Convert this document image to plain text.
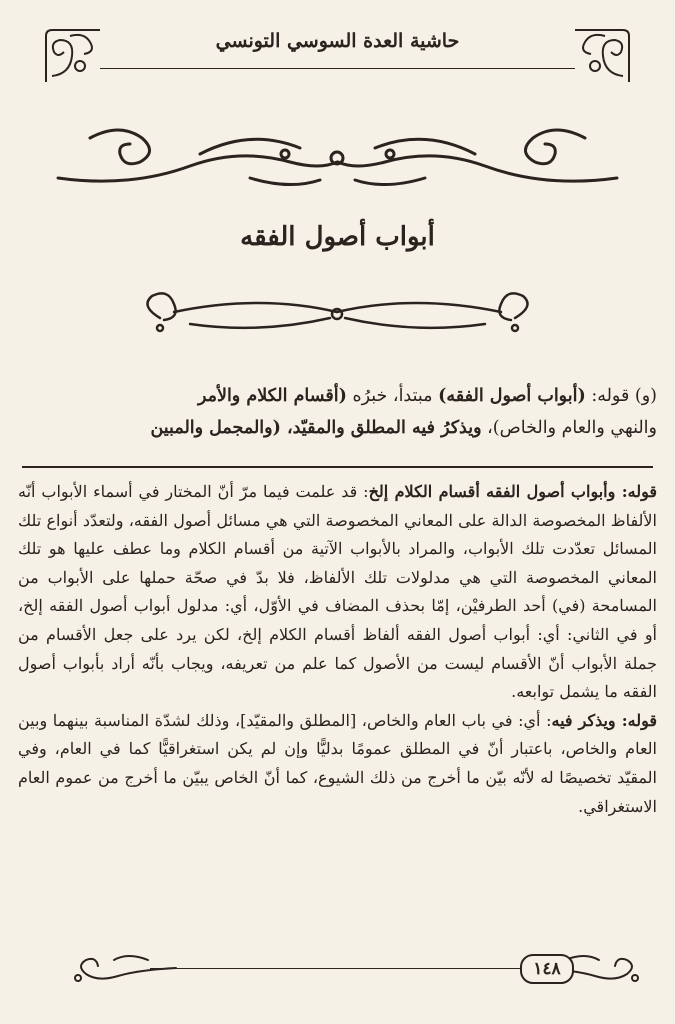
حاشية العدة السوسي التونسي
أبواب أصول الفقه

(و) قوله: (أبواب أصول الفقه) مبتدأ، خبرُه (أقسام الكلام والأمر

والنهي والعام والخاص)، ويذكرُ فيه المطلق والمقيّد، (والمجمل والمبين

قوله: وأبواب أصول الفقه أقسام الكلام إلخ: قد علمت فيما مرّ أنّ المختار في أسماء الأبواب أنّه الألفاظ المخصوصة الدالة على المعاني المخصوصة التي هي مسائل أصول الفقه، ولتعدّد أنواع تلك المسائل تعدّدت تلك الأبواب، والمراد بالأبواب الآتية من أقسام الكلام وما عطف عليها هو تلك المعاني المخصوصة التي هي مدلولات تلك الألفاظ، فلا بدّ في صحّة حملها على الأبواب من المسامحة (في) أحد الطرفيْن، إمّا بحذف المضاف في الأوّل، أي: مدلول أبواب أصول الفقه إلخ، أو في الثاني: أي: أبواب أصول الفقه ألفاظ أقسام الكلام إلخ، لكن يرد على جعل الأقسام من جملة الأبواب أنّ الأقسام ليست من الأصول كما علم من تعريفه، ويجاب بأنّه أراد بأبواب أصول الفقه ما يشمل توابعه.

قوله: ويذكر فيه: أي: في باب العام والخاص، [المطلق والمقيّد]، وذلك لشدّة المناسبة بينهما وبين العام والخاص، باعتبار أنّ في المطلق عمومًا بدليًّا وإن لم يكن استغراقيًّا كما في العام، وفي المقيّد تخصيصًا له لأنّه بيّن ما أخرج من ذلك الشيوع، كما أنّ الخاص يبيّن ما أخرج من عموم العام الاستغراقي.

١٤٨
